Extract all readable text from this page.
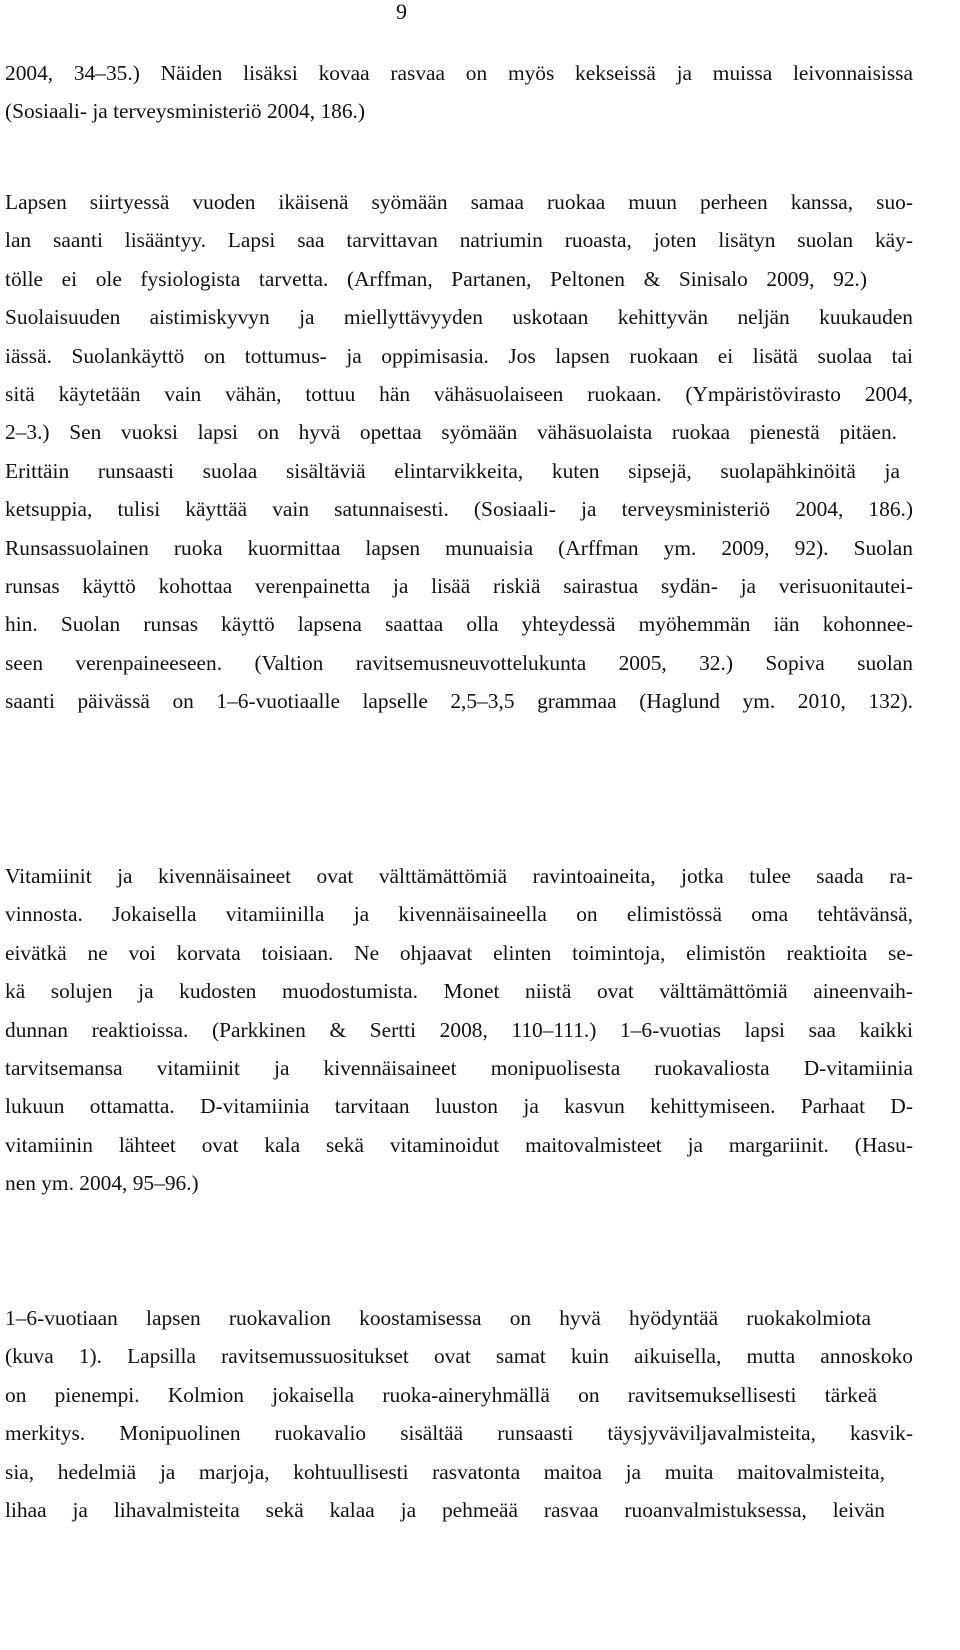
9
2004, 34–35.) Näiden lisäksi kovaa rasvaa on myös kekseissä ja muissa leivonnaisissa
(Sosiaali- ja terveysministeriö 2004, 186.)
Lapsen siirtyessä vuoden ikäisenä syömään samaa ruokaa muun perheen kanssa, suo-
lan saanti lisääntyy. Lapsi saa tarvittavan natriumin ruoasta, joten lisätyn suolan käy-
tölle ei ole fysiologista tarvetta. (Arffman, Partanen, Peltonen & Sinisalo 2009, 92.)
Suolaisuuden aistimiskyvyn ja miellyttävyyden uskotaan kehittyvän neljän kuukauden
iässä. Suolankäyttö on tottumus- ja oppimisasia. Jos lapsen ruokaan ei lisätä suolaa tai
sitä käytetään vain vähän, tottuu hän vähäsuolaiseen ruokaan. (Ympäristövirasto 2004,
2–3.) Sen vuoksi lapsi on hyvä opettaa syömään vähäsuolaista ruokaa pienestä pitäen.
Erittäin runsaasti suolaa sisältäviä elintarvikkeita, kuten sipsejä, suolapähkinöitä ja
ketsuppia, tulisi käyttää vain satunnaisesti. (Sosiaali- ja terveysministeriö 2004, 186.)
Runsassuolainen ruoka kuormittaa lapsen munuaisia (Arffman ym. 2009, 92). Suolan
runsas käyttö kohottaa verenpainetta ja lisää riskiä sairastua sydän- ja verisuonitautei-
hin. Suolan runsas käyttö lapsena saattaa olla yhteydessä myöhemmän iän kohonnee-
seen verenpaineeseen. (Valtion ravitsemusneuvottelukunta 2005, 32.) Sopiva suolan
saanti päivässä on 1–6-vuotiaalle lapselle 2,5–3,5 grammaa (Haglund ym. 2010, 132).
Vitamiinit ja kivennäisaineet ovat välttämättömiä ravintoaineita, jotka tulee saada ra-
vinnosta. Jokaisella vitamiinilla ja kivennäisaineella on elimistössä oma tehtävänsä,
eivätkä ne voi korvata toisiaan. Ne ohjaavat elinten toimintoja, elimistön reaktioita se-
kä solujen ja kudosten muodostumista. Monet niistä ovat välttämättömiä aineenvaih-
dunnan reaktioissa. (Parkkinen & Sertti 2008, 110–111.) 1–6-vuotias lapsi saa kaikki
tarvitsemansa vitamiinit ja kivennäisaineet monipuolisesta ruokavaliosta D-vitamiinia
lukuun ottamatta. D-vitamiinia tarvitaan luuston ja kasvun kehittymiseen. Parhaat D-
vitamiinin lähteet ovat kala sekä vitaminoidut maitovalmisteet ja margariinit. (Hasu-
nen ym. 2004, 95–96.)
1–6-vuotiaan lapsen ruokavalion koostamisessa on hyvä hyödyntää ruokakolmiota
(kuva 1). Lapsilla ravitsemussuositukset ovat samat kuin aikuisella, mutta annoskoko
on pienempi. Kolmion jokaisella ruoka-aineryhmällä on ravitsemuksellisesti tärkeä
merkitys. Monipuolinen ruokavalio sisältää runsaasti täysjyväviljavalmisteita, kasvik-
sia, hedelmiä ja marjoja, kohtuullisesti rasvatonta maitoa ja muita maitovalmisteita,
lihaa ja lihavalmisteita sekä kalaa ja pehmeää rasvaa ruoanvalmistuksessa, leivän
